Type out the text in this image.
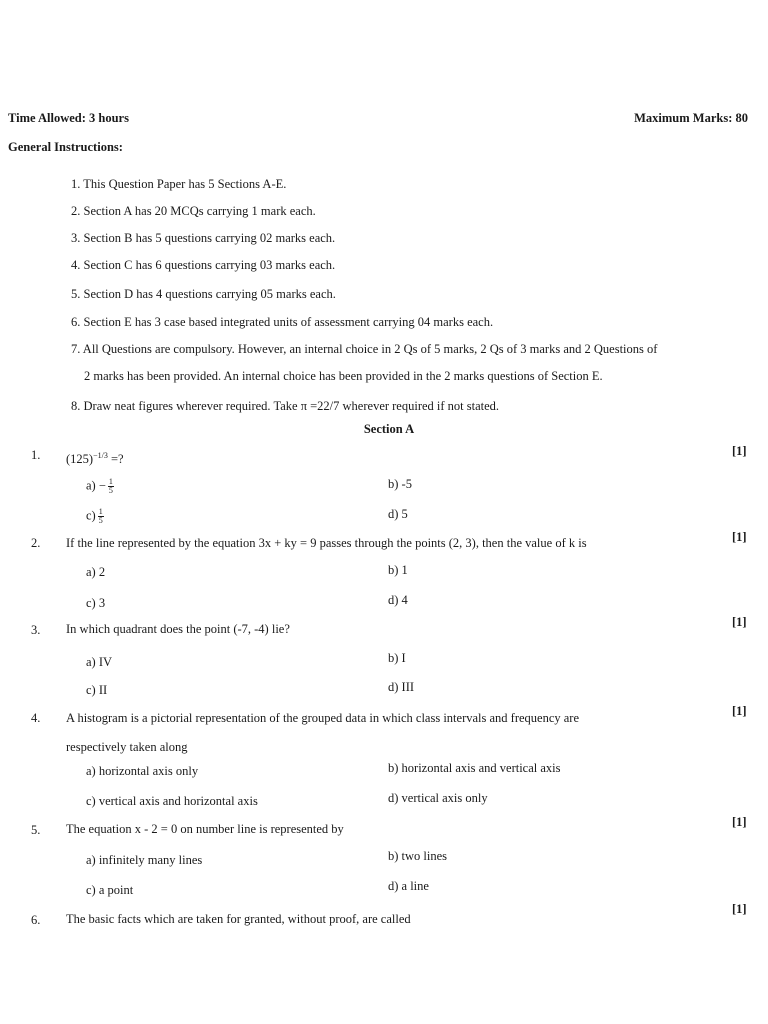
Time Allowed: 3 hours	Maximum Marks: 80
General Instructions:
1. This Question Paper has 5 Sections A-E.
2. Section A has 20 MCQs carrying 1 mark each.
3. Section B has 5 questions carrying 02 marks each.
4. Section C has 6 questions carrying 03 marks each.
5. Section D has 4 questions carrying 05 marks each.
6. Section E has 3 case based integrated units of assessment carrying 04 marks each.
7. All Questions are compulsory. However, an internal choice in 2 Qs of 5 marks, 2 Qs of 3 marks and 2 Questions of
2 marks has been provided. An internal choice has been provided in the 2 marks questions of Section E.
8. Draw neat figures wherever required. Take π =22/7 wherever required if not stated.
Section A
1. $(125)^{-1/3}$ =?
[1]
$a) - \frac{1}{5}$	b) -5
$c) \frac{1}{5}$	d) 5
2. If the line represented by the equation 3x + ky = 9 passes through the points (2, 3), then the value of k is	[1]
a) 2	b) 1
c) 3	d) 4
3. In which quadrant does the point (-7, -4) lie?	[1]
a) IV	b) I
c) II	d) III
4. A histogram is a pictorial representation of the grouped data in which class intervals and frequency are
respectively taken along
[1]
a) horizontal axis only	b) horizontal axis and vertical axis
c) vertical axis and horizontal axis	d) vertical axis only
5. The equation x - 2 = 0 on number line is represented by	[1]
a) infinitely many lines	b) two lines
c) a point	d) a line
6. The basic facts which are taken for granted, without proof, are called
[1]
